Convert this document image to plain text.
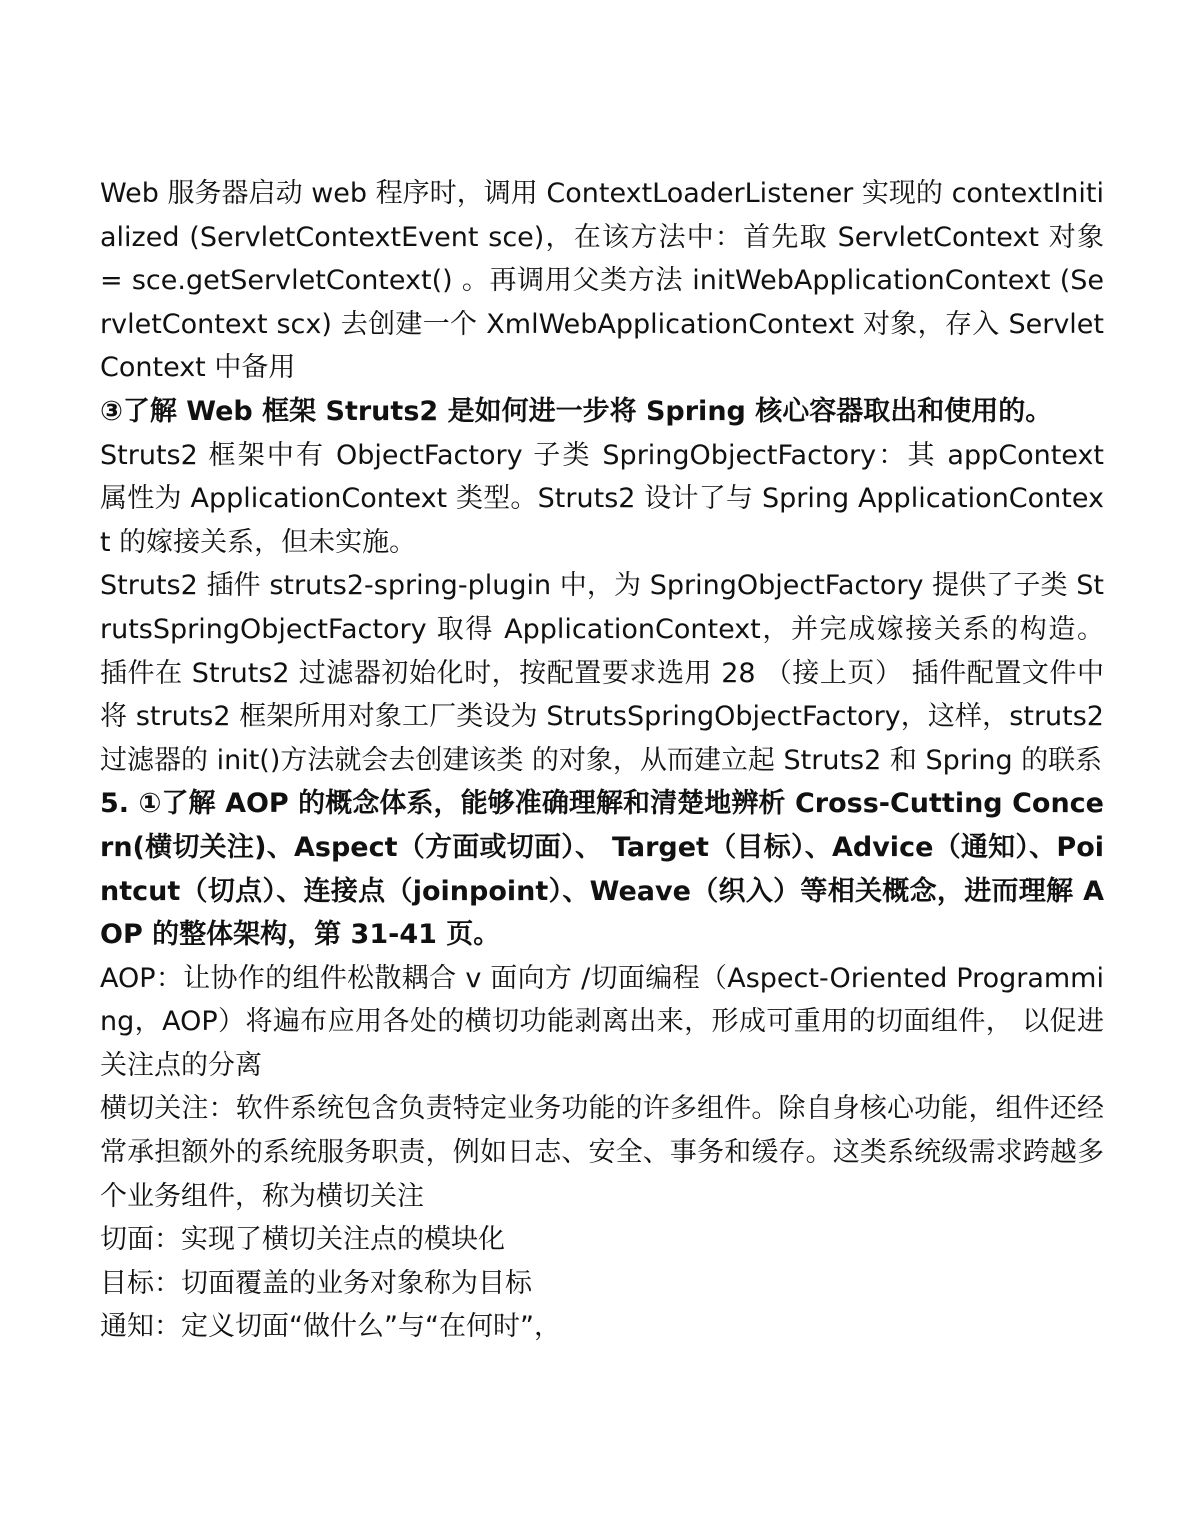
Web 服务器启动 web 程序时，调用 ContextLoaderListener 实现的 contextInitialized (ServletContextEvent sce)，在该方法中：首先取 ServletContext 对象 = sce.getServletContext() 。再调用父类方法 initWebApplicationContext (ServletContext scx) 去创建一个 XmlWebApplicationContext 对象，存入 ServletContext 中备用

③了解 Web 框架 Struts2 是如何进一步将 Spring 核心容器取出和使用的。

Struts2 框架中有 ObjectFactory 子类 SpringObjectFactory：其 appContext 属性为 ApplicationContext 类型。Struts2 设计了与 Spring ApplicationContext 的嫁接关系，但未实施。

Struts2 插件 struts2-spring-plugin 中，为 SpringObjectFactory 提供了子类 StrutsSpringObjectFactory 取得 ApplicationContext，并完成嫁接关系的构造。插件在 Struts2 过滤器初始化时，按配置要求选用 28 （接上页） 插件配置文件中将 struts2 框架所用对象工厂类设为 StrutsSpringObjectFactory，这样，struts2 过滤器的 init()方法就会去创建该类 的对象，从而建立起 Struts2 和 Spring 的联系

5. ①了解 AOP 的概念体系，能够准确理解和清楚地辨析 Cross-Cutting Concern(横切关注)、Aspect（方面或切面）、 Target（目标）、Advice（通知）、Pointcut（切点）、连接点（joinpoint）、Weave（织入）等相关概念，进而理解 AOP 的整体架构，第 31-41 页。

AOP：让协作的组件松散耦合 v 面向方 /切面编程（Aspect-Oriented Programming，AOP）将遍布应用各处的横切功能剥离出来，形成可重用的切面组件， 以促进关注点的分离

横切关注：软件系统包含负责特定业务功能的许多组件。除自身核心功能，组件还经常承担额外的系统服务职责，例如日志、安全、事务和缓存。这类系统级需求跨越多个业务组件，称为横切关注

切面：实现了横切关注点的模块化

目标：切面覆盖的业务对象称为目标

通知：定义切面“做什么”与“在何时”，
